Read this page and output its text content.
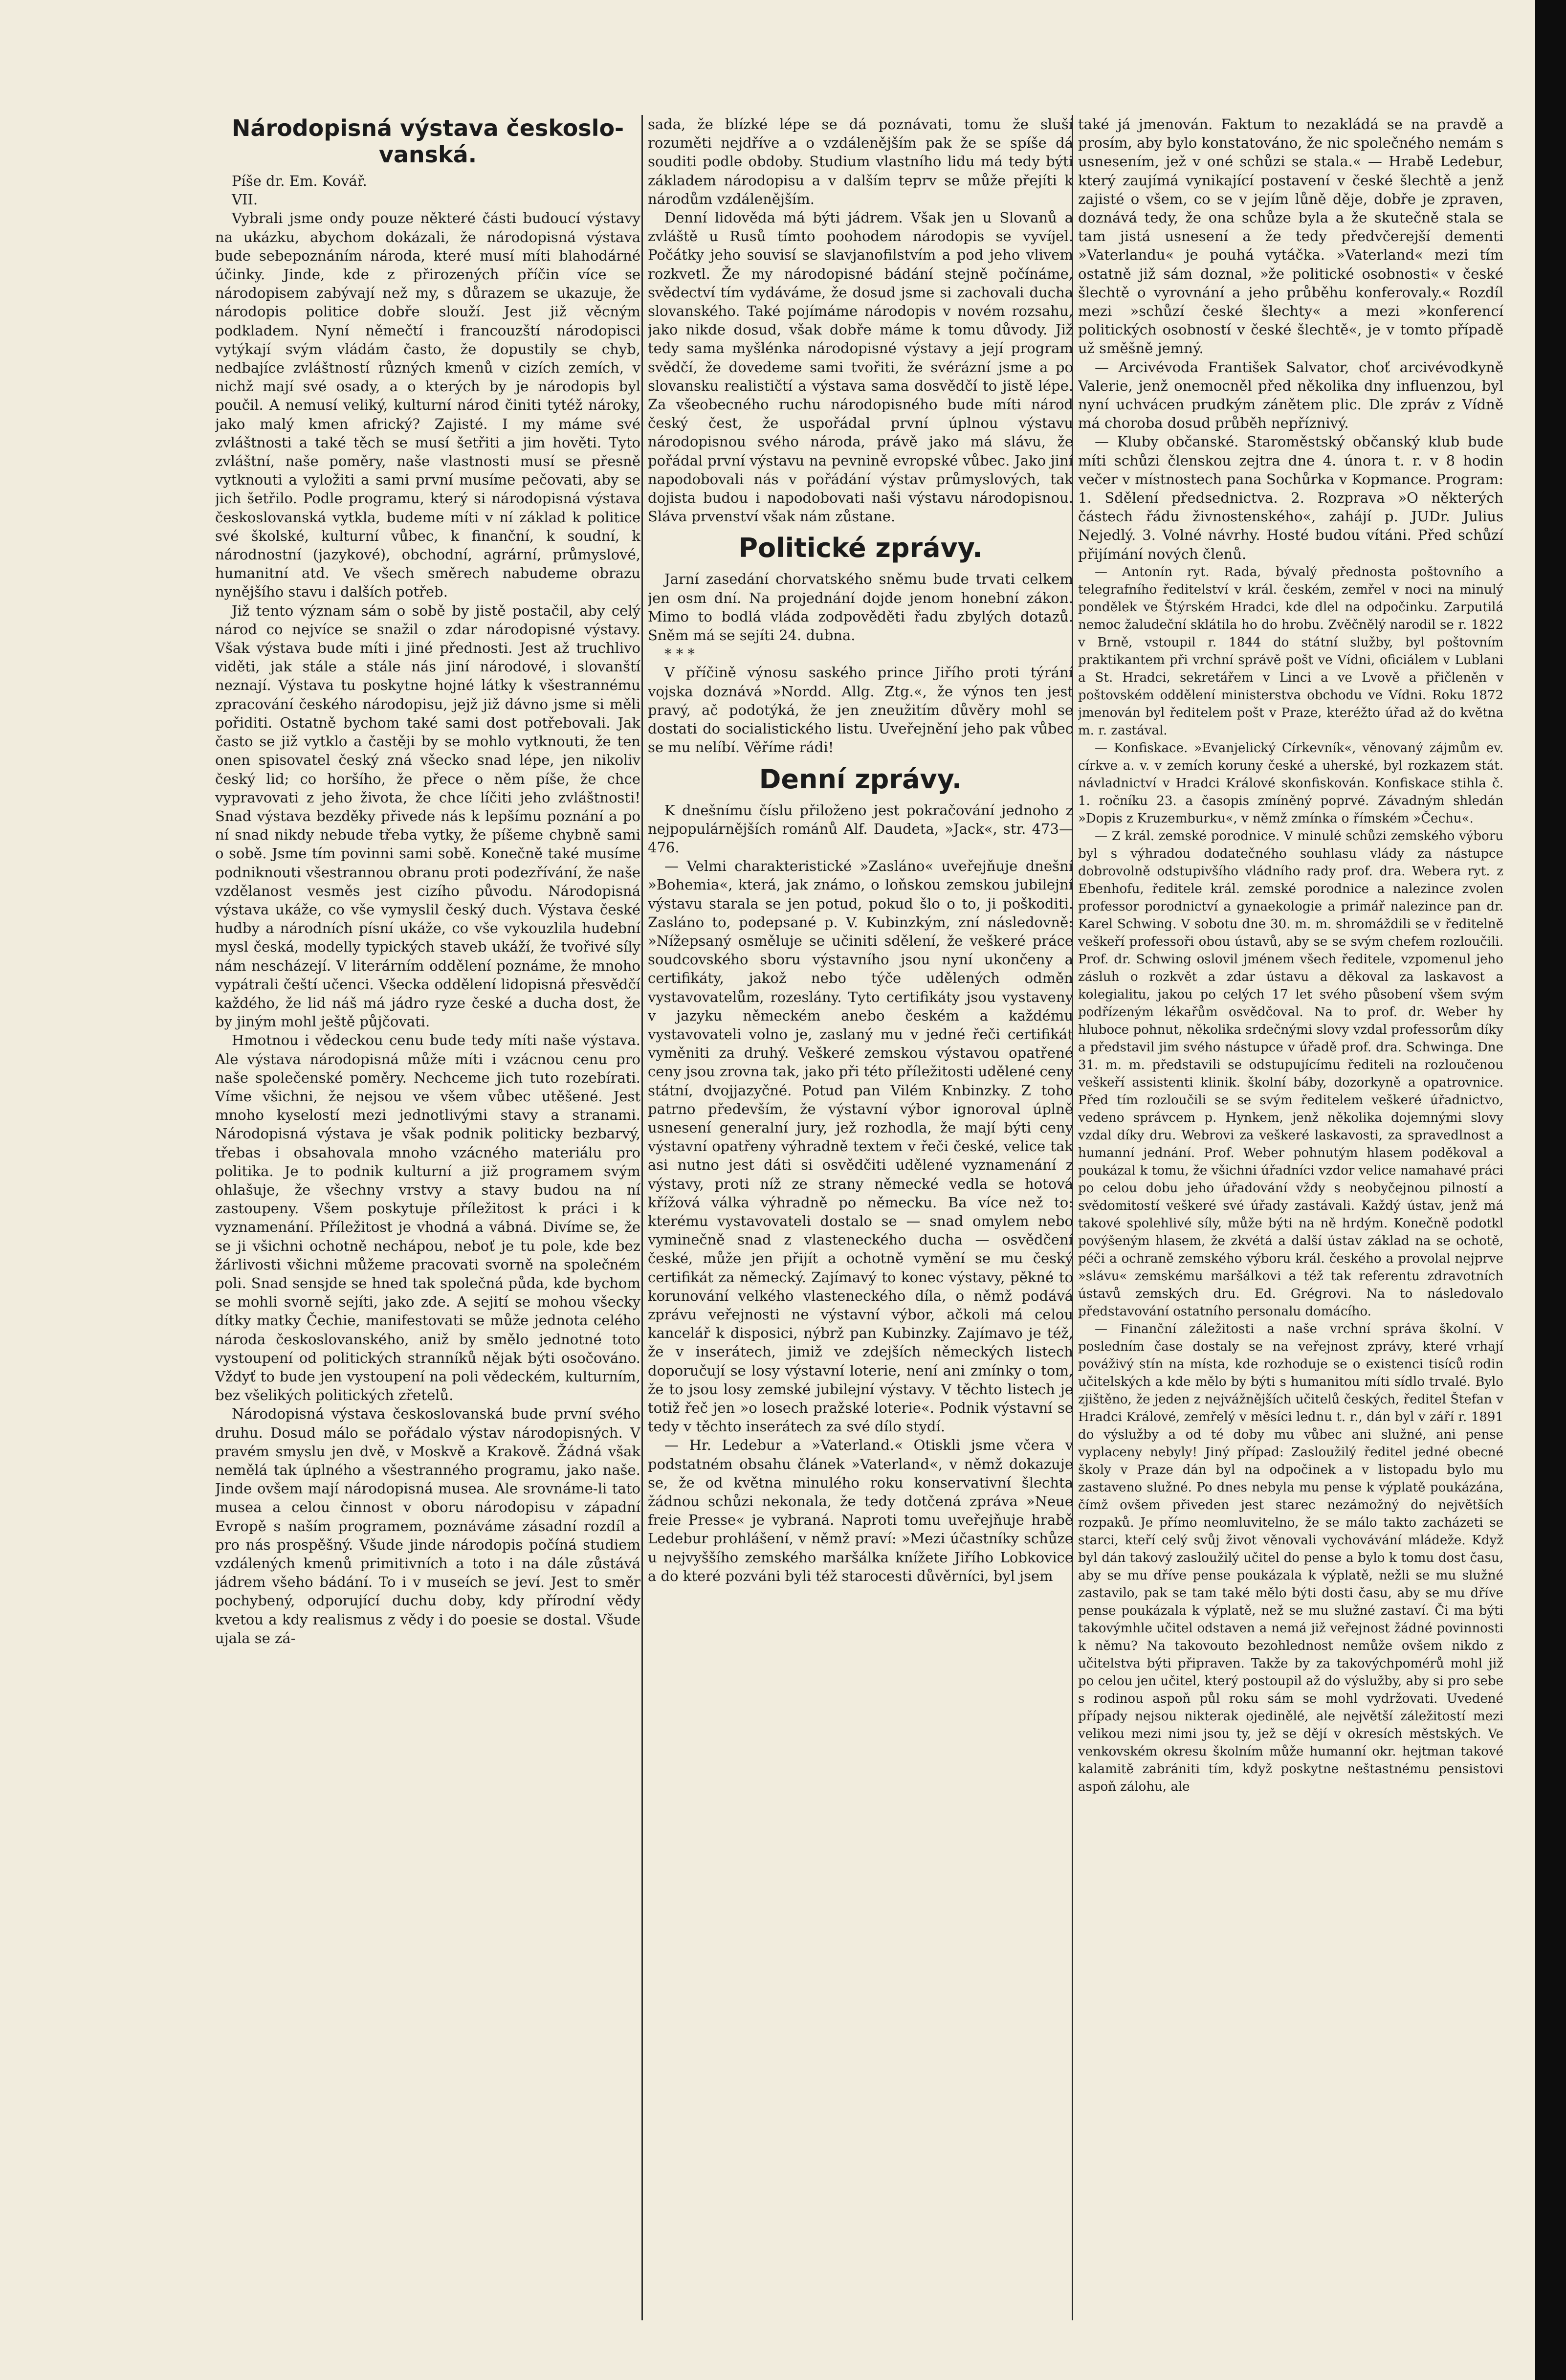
Národopisná výstava českoslo-vanská.

Píše dr. Em. Kovář.

VII.

Vybrali jsme ondy pouze některé části budoucí výstavy na ukázku, abychom dokázali, že národopisná výstava bude sebepoznáním národa, které musí míti blahodárné účinky. Jinde, kde z přirozených příčin více se národopisem zabývají než my, s důrazem se ukazuje, že národopis politice dobře slouží. Jest již věcným podkladem. Nyní němečtí i francouzští národopisci vytýkají svým vládám často, že dopustily se chyb, nedbajíce zvláštností různých kmenů v cizích zemích, v nichž mají své osady, a o kterých by je národopis byl poučil. A nemusí veliký, kulturní národ činiti tytéž nároky, jako malý kmen africký? Zajisté. I my máme své zvláštnosti a také těch se musí šetřiti a jim hověti. Tyto zvláštní, naše poměry, naše vlastnosti musí se přesně vytknouti a vyložiti a sami první musíme pečovati, aby se jich šetřilo. Podle programu, který si národopisná výstava českoslovanská vytkla, budeme míti v ní základ k politice své školské, kulturní vůbec, k finanční, k soudní, k národnostní (jazykové), obchodní, agrární, průmyslové, humanitní atd. Ve všech směrech nabudeme obrazu nynějšího stavu i dalších potřeb.

Již tento význam sám o sobě by jistě postačil, aby celý národ co nejvíce se snažil o zdar národopisné výstavy. Však výstava bude míti i jiné přednosti. Jest až truchlivo viděti, jak stále a stále nás jiní národové, i slovanští neznají. Výstava tu poskytne hojné látky k všestrannému zpracování českého národopisu, jejž již dávno jsme si měli pořiditi. Ostatně bychom také sami dost potřebovali. Jak často se již vytklo a častěji by se mohlo vytknouti, že ten onen spisovatel český zná všecko snad lépe, jen nikoliv český lid; co horšího, že přece o něm píše, že chce vypravovati z jeho života, že chce líčiti jeho zvláštnosti! Snad výstava bezděky přivede nás k lepšímu poznání a po ní snad nikdy nebude třeba vytky, že píšeme chybně sami o sobě. Jsme tím povinni sami sobě. Konečně také musíme podniknouti všestrannou obranu proti podezřívání, že naše vzdělanost vesměs jest cizího původu. Národopisná výstava ukáže, co vše vymyslil český duch. Výstava české hudby a národních písní ukáže, co vše vykouzlila hudební mysl česká, modelly typických staveb ukáží, že tvořivé síly nám nescházejí. V literárním oddělení poznáme, že mnoho vypátrali čeští učenci. Všecka oddělení lidopisná přesvědčí každého, že lid náš má jádro ryze české a ducha dost, že by jiným mohl ještě půjčovati.

Hmotnou i vědeckou cenu bude tedy míti naše výstava. Ale výstava národopisná může míti i vzácnou cenu pro naše společenské poměry. Nechceme jich tuto rozebírati. Víme všichni, že nejsou ve všem vůbec utěšené. Jest mnoho kyselostí mezi jednotlivými stavy a stranami. Národopisná výstava je však podnik politicky bezbarvý, třebas i obsahovala mnoho vzácného materiálu pro politika. Je to podnik kulturní a již programem svým ohlašuje, že všechny vrstvy a stavy budou na ní zastoupeny. Všem poskytuje příležitost k práci i k vyznamenání. Příležitost je vhodná a vábná. Divíme se, že se ji všichni ochotně nechápou, neboť je tu pole, kde bez žárlivosti všichni můžeme pracovati svorně na společném poli. Snad sensjde se hned tak společná půda, kde bychom se mohli svorně sejíti, jako zde. A sejití se mohou všecky dítky matky Čechie, manifestovati se může jednota celého národa českoslovanského, aniž by smělo jednotné toto vystoupení od politických stranníků nějak býti osočováno. Vždyť to bude jen vystoupení na poli vědeckém, kulturním, bez všelikých politických zřetelů.

Národopisná výstava českoslovanská bude první svého druhu. Dosud málo se pořádalo výstav národopisných. V pravém smyslu jen dvě, v Moskvě a Krakově. Žádná však nemělá tak úplného a všestranného programu, jako naše. Jinde ovšem mají národopisná musea. Ale srovnáme-li tato musea a celou činnost v oboru národopisu v západní Evropě s naším programem, poznáváme zásadní rozdíl a pro nás prospěšný. Všude jinde národopis počíná studiem vzdálených kmenů primitivních a toto i na dále zůstává jádrem všeho bádání. To i v museích se jeví. Jest to směr pochybený, odporující duchu doby, kdy přírodní vědy kvetou a kdy realismus z vědy i do poesie se dostal. Všude ujala se zá-

sada, že blízké lépe se dá poznávati, tomu že sluší rozuměti nejdříve a o vzdálenějším pak že se spíše dá souditi podle obdoby. Studium vlastního lidu má tedy býti základem národopisu a v dalším teprv se může přejíti k národům vzdálenějším.

Denní lidověda má býti jádrem. Však jen u Slovanů a zvláště u Rusů tímto poohodem národopis se vyvíjel. Počátky jeho souvisí se slavjanofilstvím a pod jeho vlivem rozkvetl. Že my národopisné bádání stejně počínáme, svědectví tím vydáváme, že dosud jsme si zachovali ducha slovanského. Také pojímáme národopis v novém rozsahu, jako nikde dosud, však dobře máme k tomu důvody. Již tedy sama myšlénka národopisné výstavy a její program svědčí, že dovedeme sami tvořiti, že svérázní jsme a po slovansku realističtí a výstava sama dosvědčí to jistě lépe. Za všeobecného ruchu národopisného bude míti národ český čest, že uspořádal první úplnou výstavu národopisnou svého národa, právě jako má slávu, že pořádal první výstavu na pevnině evropské vůbec. Jako jiní napodobovali nás v pořádání výstav průmyslových, tak dojista budou i napodobovati naši výstavu národopisnou. Sláva prvenství však nám zůstane.

Politické zprávy.

Jarní zasedání chorvatského sněmu bude trvati celkem jen osm dní. Na projednání dojde jenom honební zákon. Mimo to bodlá vláda zodpověděti řadu zbylých dotazů. Sněm má se sejíti 24. dubna.

* * *

V příčině výnosu saského prince Jiřího proti týrání vojska doznává »Nordd. Allg. Ztg.«, že výnos ten jest pravý, ač podotýká, že jen zneužitím důvěry mohl se dostati do socialistického listu. Uveřejnění jeho pak vůbec se mu nelíbí. Věříme rádi!

Denní zprávy.

K dnešnímu číslu přiloženo jest pokračování jednoho z nejpopulárnějších románů Alf. Daudeta, »Jack«, str. 473—476.

— Velmi charakteristické »Zasláno« uveřejňuje dnešní »Bohemia«, která, jak známo, o loňskou zemskou jubilejní výstavu starala se jen potud, pokud šlo o to, ji poškoditi. Zasláno to, podepsané p. V. Kubinzkým, zní následovně: »Nížepsaný osměluje se učiniti sdělení, že veškeré práce soudcovského sboru výstavního jsou nyní ukončeny a certifikáty, jakož nebo týče udělených odměn vystavovatelům, rozeslány. Tyto certifikáty jsou vystaveny v jazyku německém anebo českém a každému vystavovateli volno je, zaslaný mu v jedné řeči certifikát vyměniti za druhý. Veškeré zemskou výstavou opatřené ceny jsou zrovna tak, jako při této příležitosti udělené ceny státní, dvojjazyčné. Potud pan Vilém Knbinzky. Z toho patrno především, že výstavní výbor ignoroval úplně usnesení generalní jury, jež rozhodla, že mají býti ceny výstavní opatřeny výhradně textem v řeči české, velice tak asi nutno jest dáti si osvědčiti udělené vyznamenání z výstavy, proti níž ze strany německé vedla se hotová křížová válka výhradně po německu. Ba více než to: kterému vystavovateli dostalo se — snad omylem nebo vyminečně snad z vlasteneckého ducha — osvědčení české, může jen přijít a ochotně vymění se mu český certifikát za německý. Zajímavý to konec výstavy, pěkné to korunování velkého vlasteneckého díla, o němž podává zprávu veřejnosti ne výstavní výbor, ačkoli má celou kancelář k disposici, nýbrž pan Kubinzky. Zajímavo je též, že v inserátech, jimiž ve zdejších německých listech doporučují se losy výstavní loterie, není ani zmínky o tom, že to jsou losy zemské jubilejní výstavy. V těchto listech je totiž řeč jen »o losech pražské loterie«. Podnik výstavní se tedy v těchto inserátech za své dílo stydí.

— Hr. Ledebur a »Vaterland.« Otiskli jsme včera v podstatném obsahu článek »Vaterland«, v němž dokazuje se, že od května minulého roku konservativní šlechta žádnou schůzi nekonala, že tedy dotčená zpráva »Neue freie Presse« je vybraná. Naproti tomu uveřejňuje hrabě Ledebur prohlášení, v němž praví: »Mezi účastníky schůze u nejvyššího zemského maršálka knížete Jiřího Lobkovice a do které pozváni byli též starocesti důvěrníci, byl jsem

také já jmenován. Faktum to nezakládá se na pravdě a prosím, aby bylo konstatováno, že nic společného nemám s usnesením, jež v oné schůzi se stala.« — Hrabě Ledebur, který zaujímá vynikající postavení v české šlechtě a jenž zajisté o všem, co se v jejím lůně děje, dobře je zpraven, doznává tedy, že ona schůze byla a že skutečně stala se tam jistá usnesení a že tedy předvčerejší dementi »Vaterlandu« je pouhá vytáčka. »Vaterland« mezi tím ostatně již sám doznal, »že politické osobnosti« v české šlechtě o vyrovnání a jeho průběhu konferovaly.« Rozdíl mezi »schůzí české šlechty« a mezi »konferencí politických osobností v české šlechtě«, je v tomto případě už směšně jemný.

— Arcivévoda František Salvator, choť arcivévodkyně Valerie, jenž onemocněl před několika dny influenzou, byl nyní uchvácen prudkým zánětem plic. Dle zpráv z Vídně má choroba dosud průběh nepříznivý.

— Kluby občanské. Staroměstský občanský klub bude míti schůzi členskou zejtra dne 4. února t. r. v 8 hodin večer v místnostech pana Sochůrka v Kopmance. Program: 1. Sdělení předsednictva. 2. Rozprava »O některých částech řádu živnostenského«, zahájí p. JUDr. Julius Nejedlý. 3. Volné návrhy. Hosté budou vítáni. Před schůzí přijímání nových členů.

— Antonín ryt. Rada, bývalý přednosta poštovního a telegrafního ředitelství v král. českém, zemřel v noci na minulý pondělek ve Štýrském Hradci, kde dlel na odpočinku. Zarputilá nemoc žaludeční sklátila ho do hrobu. Zvěčnělý narodil se r. 1822 v Brně, vstoupil r. 1844 do státní služby, byl poštovním praktikantem při vrchní správě pošt ve Vídni, oficiálem v Lublani a St. Hradci, sekretářem v Linci a ve Lvově a přičleněn v poštovském oddělení ministerstva obchodu ve Vídni. Roku 1872 jmenován byl ředitelem pošt v Praze, kteréžto úřad až do května m. r. zastával.

— Konfiskace. »Evanjelický Církevník«, věnovaný zájmům ev. církve a. v. v zemích koruny české a uherské, byl rozkazem stát. návladnictví v Hradci Králové skonfiskován. Konfiskace stihla č. 1. ročníku 23. a časopis zmíněný poprvé. Závadným shledán »Dopis z Kruzemburku«, v němž zmínka o římském »Čechu«.

— Z král. zemské porodnice. V minulé schůzi zemského výboru byl s výhradou dodatečného souhlasu vlády za nástupce dobrovolně odstupivšího vládního rady prof. dra. Webera ryt. z Ebenhofu, ředitele král. zemské porodnice a nalezince zvolen professor porodnictví a gynaekologie a primář nalezince pan dr. Karel Schwing. V sobotu dne 30. m. m. shromáždili se v ředitelně veškeří professoři obou ústavů, aby se se svým chefem rozloučili. Prof. dr. Schwing oslovil jménem všech ředitele, vzpomenul jeho zásluh o rozkvět a zdar ústavu a děkoval za laskavost a kolegialitu, jakou po celých 17 let svého působení všem svým podřízeným lékařům osvědčoval. Na to prof. dr. Weber hy hluboce pohnut, několika srdečnými slovy vzdal professorům díky a představil jim svého nástupce v úřadě prof. dra. Schwinga. Dne 31. m. m. představili se odstupujícímu řediteli na rozloučenou veškeří assistenti klinik. školní báby, dozorkyně a opatrovnice. Před tím rozloučili se se svým ředitelem veškeré úřadnictvo, vedeno správcem p. Hynkem, jenž několika dojemnými slovy vzdal díky dru. Webrovi za veškeré laskavosti, za spravedlnost a humanní jednání. Prof. Weber pohnutým hlasem poděkoval a poukázal k tomu, že všichni úřadníci vzdor velice namahavé práci po celou dobu jeho úřadování vždy s neobyčejnou pilností a svědomitostí veškeré své úřady zastávali. Každý ústav, jenž má takové spolehlivé síly, může býti na ně hrdým. Konečně podotkl povýšeným hlasem, že zkvétá a další ústav základ na se ochotě, péči a ochraně zemského výboru král. českého a provolal nejprve »slávu« zemskému maršálkovi a též tak referentu zdravotních ústavů zemských dru. Ed. Grégrovi. Na to následovalo představování ostatního personalu domácího.

— Finanční záležitosti a naše vrchní správa školní. V posledním čase dostaly se na veřejnost zprávy, které vrhají pováživý stín na místa, kde rozhoduje se o existenci tisíců rodin učitelských a kde mělo by býti s humanitou míti sídlo trvalé. Bylo zjištěno, že jeden z nejvážnějších učitelů českých, ředitel Štefan v Hradci Králové, zemřelý v měsíci lednu t. r., dán byl v září r. 1891 do výslužby a od té doby mu vůbec ani služné, ani pense vyplaceny nebyly! Jiný případ: Zasloužilý ředitel jedné obecné školy v Praze dán byl na odpočinek a v listopadu bylo mu zastaveno služné. Po dnes nebyla mu pense k výplatě poukázána, čímž ovšem přiveden jest starec nezámožný do největších rozpaků. Je přímo neomluvitelno, že se málo takto zacházeti se starci, kteří celý svůj život věnovali vychovávání mládeže. Když byl dán takový zasloužilý učitel do pense a bylo k tomu dost času, aby se mu dříve pense poukázala k výplatě, nežli se mu služné zastavilo, pak se tam také mělo býti dosti času, aby se mu dříve pense poukázala k výplatě, než se mu služné zastaví. Či ma býti takovýmhle učitel odstaven a nemá již veřejnost žádné povinnosti k němu? Na takovouto bezohlednost nemůže ovšem nikdo z učitelstva býti připraven. Takže by za takovýchpomérů mohl již po celou jen učitel, který postoupil až do výslužby, aby si pro sebe s rodinou aspoň půl roku sám se mohl vydržovati. Uvedené případy nejsou nikterak ojedinělé, ale největší záležitostí mezi velikou mezi nimi jsou ty, jež se dějí v okresích městských. Ve venkovském okresu školním může humanní okr. hejtman takové kalamitě zabrániti tím, když poskytne neštastnému pensistovi aspoň zálohu, ale
